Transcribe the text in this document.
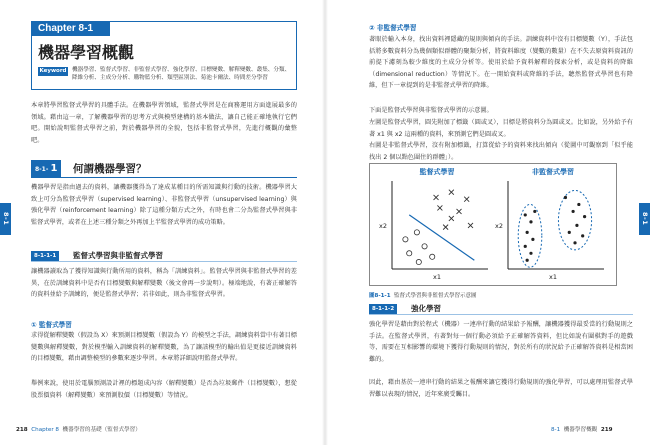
Chapter 8-1
機器學習概觀
Keyword 機器學習、監督式學習、非監督式學習、強化學習、目標變數、解釋變數、叢集、分類、降維分析、主成分分析、購物籃分析、類型區別法、菊池卡爾法、時間差分學習
本章將學習監督式學習的具體手法。在機器學習領域，監督式學習是在商務運用方面進展最多的領域。藉由這一章，了解機器學習的思考方式與模型建構的基本做法，讓自己能正確地執行它們吧。開始說明監督式學習之前，對於機器學習的全貌，包括非監督式學習，先進行概觀的彙整吧。
8-1- 1	何謂機器學習？
機器學習是指由過去的資料，讓機器獲得為了達成某種目的所需知識與行動的技術。機器學習大致上可分為監督式學習（supervised learning）、非監督式學習（unsupervised learning）與強化學習（reinforcement learning）除了這種分類方式之外，有時也會二分為監督式學習與非監督式學習，或者在上述三種分類之外再加上半監督式學習的成功策略。
8-1-1-1	監督式學習與非監督式學習
讓機器讀取為了獲得知識與行動所用的資料，稱為「訓練資料」。監督式學習與非監督式學習的差異，在於訓練資料中是否有目標變數與解釋變數（後文會再一步說明）。極端地說，有著正確解答的資料並給予訓練的，便是監督式學習；若非如此，則為非監督式學習。
① 監督式學習
求得從解釋變數（假設為 X）來預測目標變數（假設為 Y）的模型之手法，調練資料當中有著目標變數與解釋變數，對於模型輸入訓練資料的解釋變數，為了讓該模型的輸出值是更接近訓練資料的目標變數，藉由調整模型的參數來逐步學習。本章將詳細說明監督式學習。
舉例來說，使用於電腦預測設計裡的標題成內容（解釋變數）是否為垃圾郵件（目標變數），想從股票價資料（解釋變數）來預測股價（目標變數）等情況。
218 Chapter 8 機器學習的基礎（監督式學習）
② 非監督式學習
著眼於輸入本身，找出資料裡隱藏的規則與傾向的手法。訓練資料中沒有目標變數（Y），手法包括將多數資料分為幾個類似群體的聚類分析，將資料維度（變數的數量）在不失去原資料資訊的前提下濾刻為較少維度的主成分分析等。使用於給予資料解釋的探索分析，或是資料的降維（dimensional reduction）等情況下。在一開始資料或降維的手法，聽然監督式學習也有降維，但下一章提到的是非監督式學習的降維。
下面是監督式學習與非監督式學習的示意圖。
左圖是監督式學習，圓先附加了標籤（圓或叉），目標是將資料分為圓或叉。比如說，另外給予有著 x1 與 x2 這兩種的資料，來預測它們是圓或叉。
右圖是非監督式學習，沒有附加標籤，打算從給予的資料來找出傾向（從圖中可觀察到「似乎能找出 2 個以點色圍住的群體」）。
8-1-1-2	強化學習
強化學習是藉由對於程式（機器）一連串行動的結果給予報酬，讓機器獲得最妥當的行動規則之手法。在監督式學習，有著對每一個行動必須給予正確解答資料，但比如說有圍棋對手的遊戲等，需要在互相影響的環境下獲得行動規則的情況，對於所有的狀況給予正確解答資料是相當困難的。
因此，藉由基於一連串行動的結果之報酬來讓它獲得行動規則的強化學習，可以處理用監督式學習難以表現的情況，近年來廣受矚目。
8-1 機器學習概觀 219
監督式學習
x1
x2
非監督式學習
x1
x2
圖8-1-1 監督式學習與非監督式學習示意圖
8-1	8-1
